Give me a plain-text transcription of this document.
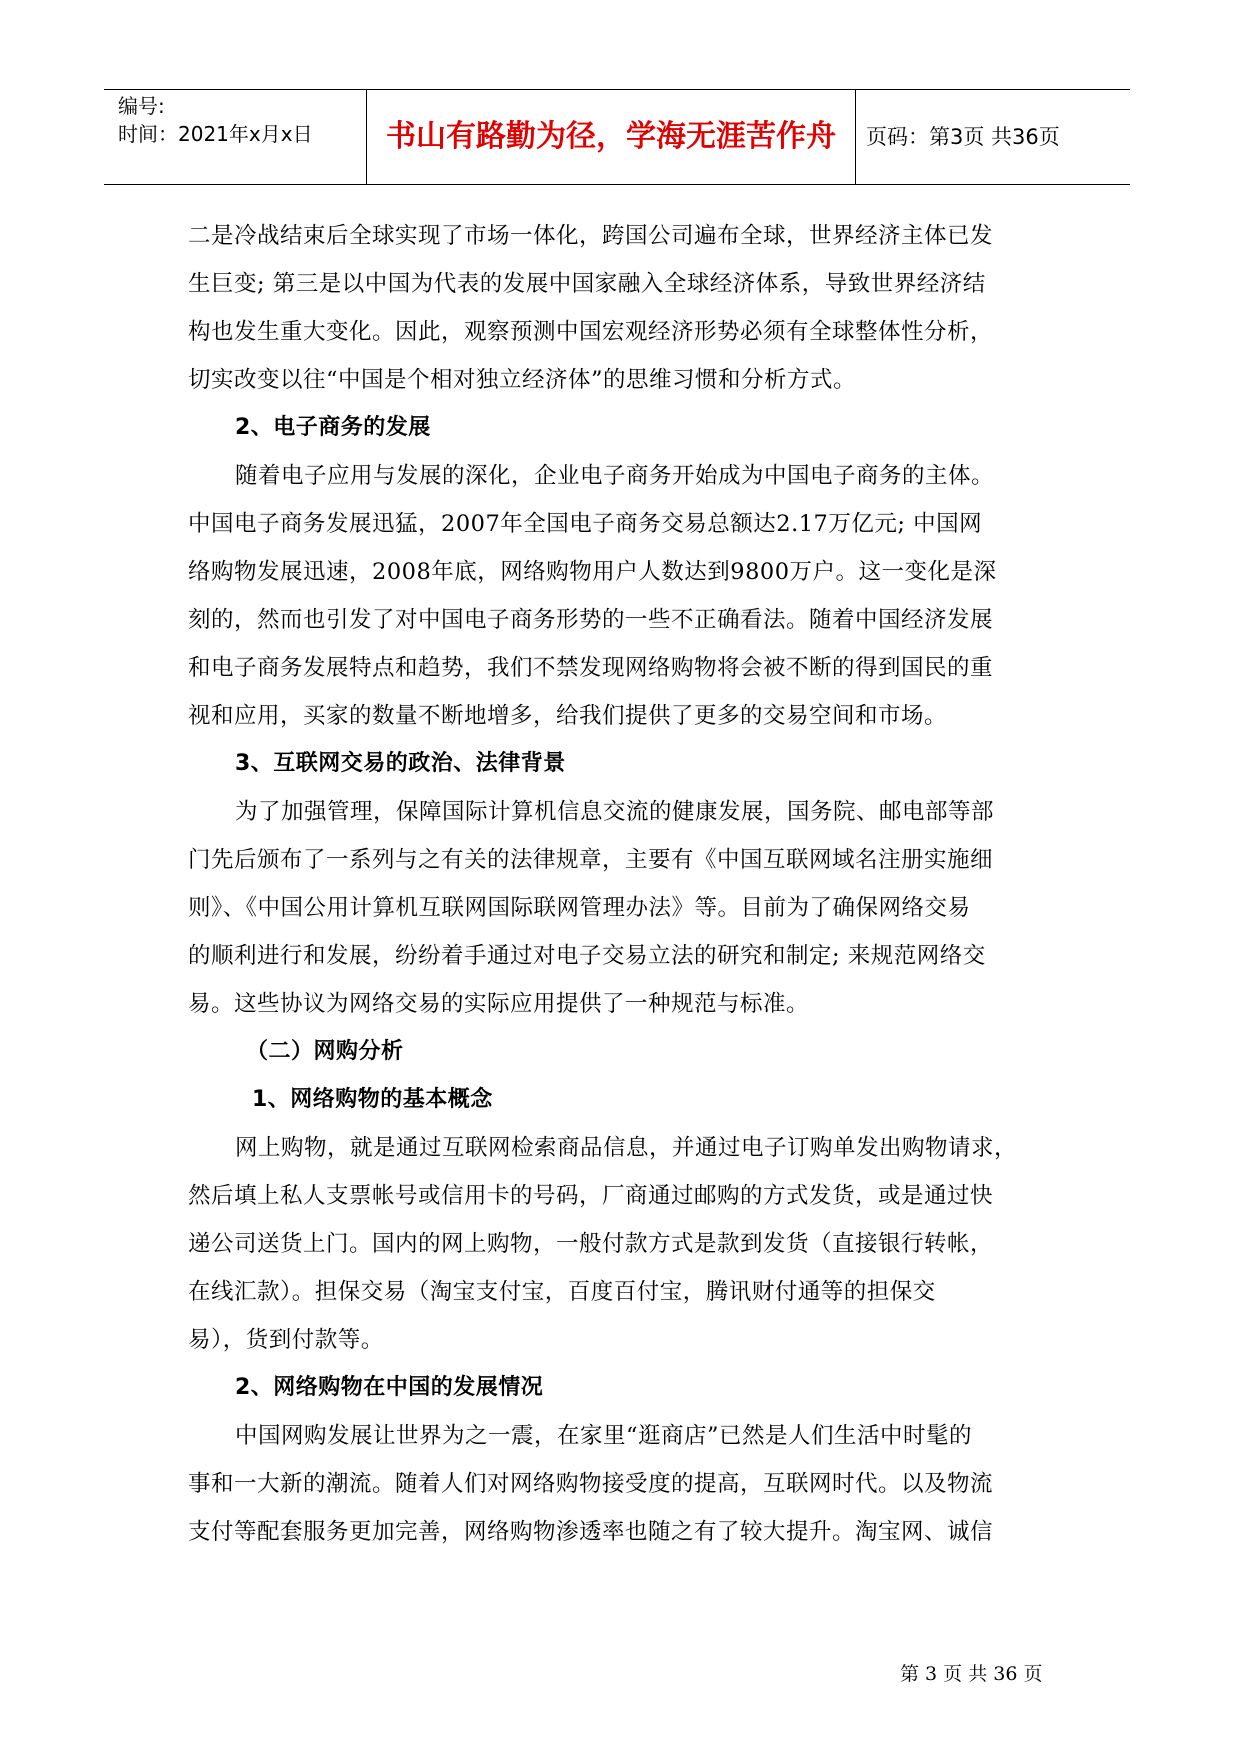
编号:
时间：2021年x月x日	书山有路勤为径，学海无涯苦作舟	页码：第3页 共36页
二是冷战结束后全球实现了市场一体化，跨国公司遍布全球，世界经济主体已发
生巨变; 第三是以中国为代表的发展中国家融入全球经济体系，导致世界经济结
构也发生重大变化。因此，观察预测中国宏观经济形势必须有全球整体性分析，
切实改变以往“中国是个相对独立经济体”的思维习惯和分析方式。
2、电子商务的发展
随着电子应用与发展的深化，企业电子商务开始成为中国电子商务的主体。
中国电子商务发展迅猛，2007年全国电子商务交易总额达2.17万亿元; 中国网
络购物发展迅速，2008年底，网络购物用户人数达到9800万户。这一变化是深
刻的，然而也引发了对中国电子商务形势的一些不正确看法。随着中国经济发展
和电子商务发展特点和趋势，我们不禁发现网络购物将会被不断的得到国民的重
视和应用，买家的数量不断地增多，给我们提供了更多的交易空间和市场。
3、互联网交易的政治、法律背景
为了加强管理，保障国际计算机信息交流的健康发展，国务院、邮电部等部
门先后颁布了一系列与之有关的法律规章，主要有《中国互联网域名注册实施细
则》、《中国公用计算机互联网国际联网管理办法》等。目前为了确保网络交易
的顺利进行和发展，纷纷着手通过对电子交易立法的研究和制定; 来规范网络交
易。这些协议为网络交易的实际应用提供了一种规范与标准。
（二）网购分析
1、网络购物的基本概念
网上购物，就是通过互联网检索商品信息，并通过电子订购单发出购物请求，
然后填上私人支票帐号或信用卡的号码，厂商通过邮购的方式发货，或是通过快
递公司送货上门。国内的网上购物，一般付款方式是款到发货（直接银行转帐，
在线汇款）。担保交易（淘宝支付宝，百度百付宝，腾讯财付通等的担保交
易），货到付款等。
2、网络购物在中国的发展情况
中国网购发展让世界为之一震，在家里“逛商店”已然是人们生活中时髦的
事和一大新的潮流。随着人们对网络购物接受度的提高，互联网时代。以及物流
支付等配套服务更加完善，网络购物渗透率也随之有了较大提升。淘宝网、诚信
第 3 页 共 36 页
